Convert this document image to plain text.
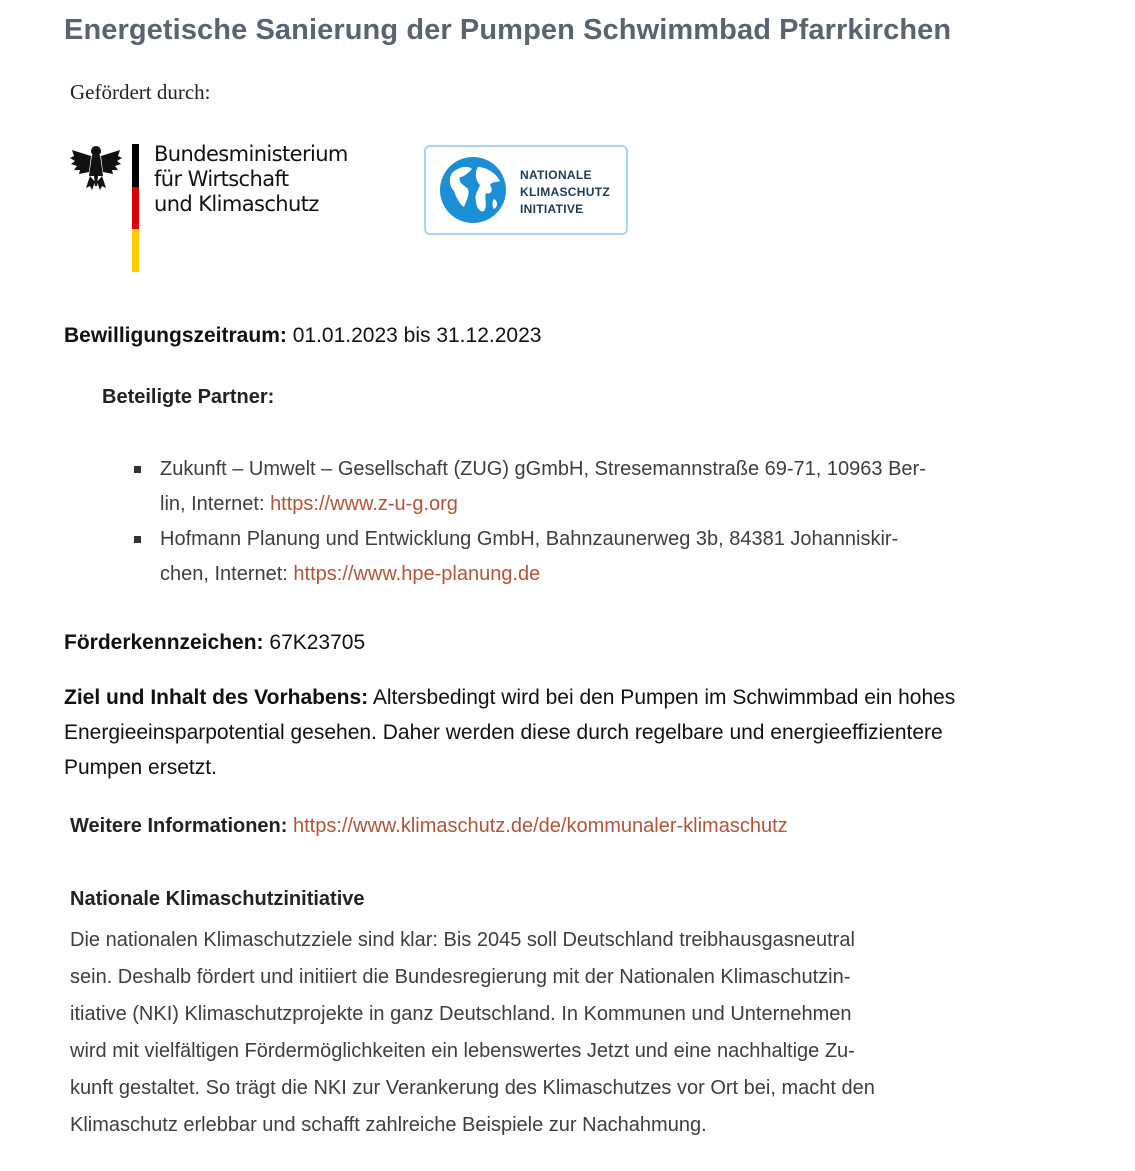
Energetische Sanierung der Pumpen Schwimmbad Pfarrkirchen
Gefördert durch:
Bundesministerium
für Wirtschaft
und Klimaschutz
NATIONALE
KLIMASCHUTZ
INITIATIVE
Bewilligungszeitraum: 01.01.2023 bis 31.12.2023
Beteiligte Partner:
Zukunft – Umwelt – Gesellschaft (ZUG) gGmbH, Stresemannstraße 69-71, 10963 Ber-
lin, Internet: https://www.z-u-g.org
Hofmann Planung und Entwicklung GmbH, Bahnzaunerweg 3b, 84381 Johanniskir-
chen, Internet: https://www.hpe-planung.de
Förderkennzeichen: 67K23705
Ziel und Inhalt des Vorhabens: Altersbedingt wird bei den Pumpen im Schwimmbad ein hohes
Energieeinsparpotential gesehen. Daher werden diese durch regelbare und energieeffizientere
Pumpen ersetzt.
Weitere Informationen: https://www.klimaschutz.de/de/kommunaler-klimaschutz
Nationale Klimaschutzinitiative
Die nationalen Klimaschutzziele sind klar: Bis 2045 soll Deutschland treibhausgasneutral
sein. Deshalb fördert und initiiert die Bundesregierung mit der Nationalen Klimaschutzin-
itiative (NKI) Klimaschutzprojekte in ganz Deutschland. In Kommunen und Unternehmen
wird mit vielfältigen Fördermöglichkeiten ein lebenswertes Jetzt und eine nachhaltige Zu-
kunft gestaltet. So trägt die NKI zur Verankerung des Klimaschutzes vor Ort bei, macht den
Klimaschutz erlebbar und schafft zahlreiche Beispiele zur Nachahmung.
